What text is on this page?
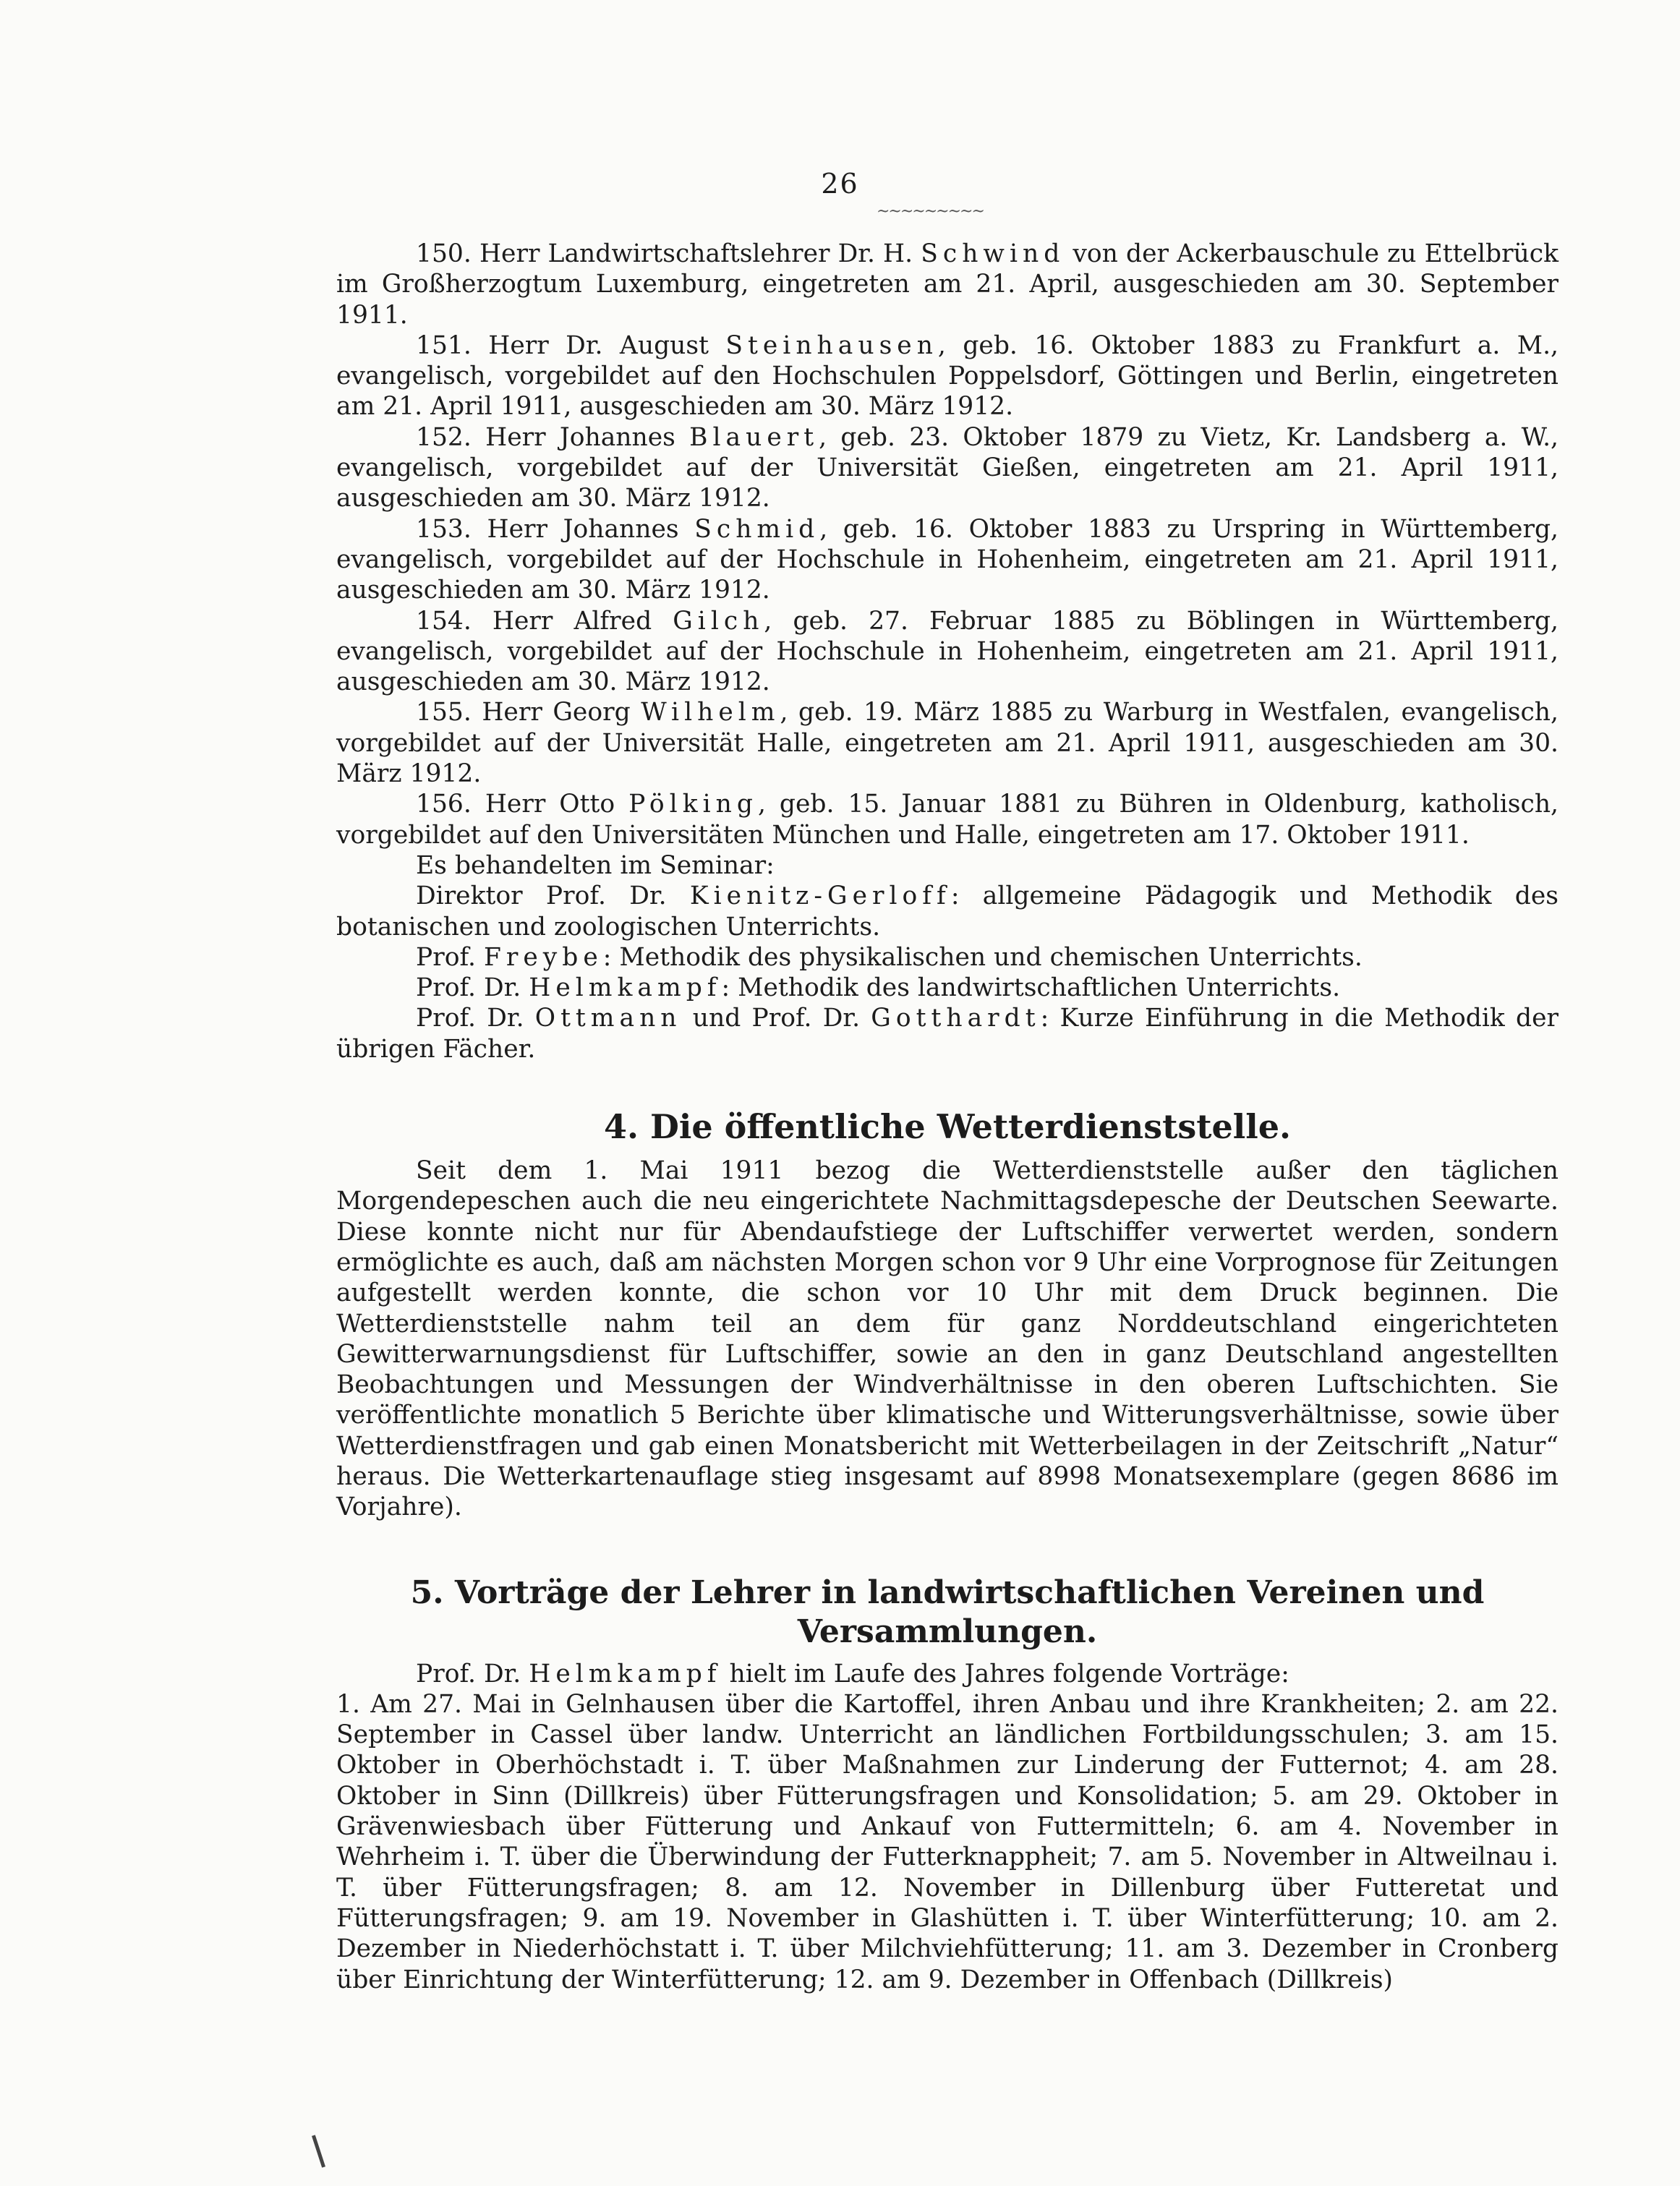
26
~~~~~~~~~

150. Herr Landwirtschaftslehrer Dr. H. Schwind von der Ackerbauschule zu Ettelbrück im Großherzogtum Luxemburg, eingetreten am 21. April, ausgeschieden am 30. September 1911.

151. Herr Dr. August Steinhausen, geb. 16. Oktober 1883 zu Frankfurt a. M., evangelisch, vorgebildet auf den Hochschulen Poppelsdorf, Göttingen und Berlin, eingetreten am 21. April 1911, ausgeschieden am 30. März 1912.

152. Herr Johannes Blauert, geb. 23. Oktober 1879 zu Vietz, Kr. Landsberg a. W., evangelisch, vorgebildet auf der Universität Gießen, eingetreten am 21. April 1911, ausgeschieden am 30. März 1912.

153. Herr Johannes Schmid, geb. 16. Oktober 1883 zu Urspring in Württemberg, evangelisch, vorgebildet auf der Hochschule in Hohenheim, eingetreten am 21. April 1911, ausgeschieden am 30. März 1912.

154. Herr Alfred Gilch, geb. 27. Februar 1885 zu Böblingen in Württemberg, evangelisch, vorgebildet auf der Hochschule in Hohenheim, eingetreten am 21. April 1911, ausgeschieden am 30. März 1912.

155. Herr Georg Wilhelm, geb. 19. März 1885 zu Warburg in Westfalen, evangelisch, vorgebildet auf der Universität Halle, eingetreten am 21. April 1911, ausgeschieden am 30. März 1912.

156. Herr Otto Pölking, geb. 15. Januar 1881 zu Bühren in Oldenburg, katholisch, vorgebildet auf den Universitäten München und Halle, eingetreten am 17. Oktober 1911.

Es behandelten im Seminar:

Direktor Prof. Dr. Kienitz-Gerloff: allgemeine Pädagogik und Methodik des botanischen und zoologischen Unterrichts.

Prof. Freybe: Methodik des physikalischen und chemischen Unterrichts.

Prof. Dr. Helmkampf: Methodik des landwirtschaftlichen Unterrichts.

Prof. Dr. Ottmann und Prof. Dr. Gotthardt: Kurze Einführung in die Methodik der übrigen Fächer.

4. Die öffentliche Wetterdienststelle.

Seit dem 1. Mai 1911 bezog die Wetterdienststelle außer den täglichen Morgendepeschen auch die neu eingerichtete Nachmittagsdepesche der Deutschen Seewarte. Diese konnte nicht nur für Abendaufstiege der Luftschiffer verwertet werden, sondern ermöglichte es auch, daß am nächsten Morgen schon vor 9 Uhr eine Vorprognose für Zeitungen aufgestellt werden konnte, die schon vor 10 Uhr mit dem Druck beginnen. Die Wetterdienststelle nahm teil an dem für ganz Norddeutschland eingerichteten Gewitterwarnungsdienst für Luftschiffer, sowie an den in ganz Deutschland angestellten Beobachtungen und Messungen der Windverhältnisse in den oberen Luftschichten. Sie veröffentlichte monatlich 5 Berichte über klimatische und Witterungsverhältnisse, sowie über Wetterdienstfragen und gab einen Monatsbericht mit Wetterbeilagen in der Zeitschrift „Natur“ heraus. Die Wetterkartenauflage stieg insgesamt auf 8998 Monatsexemplare (gegen 8686 im Vorjahre).

5. Vorträge der Lehrer in landwirtschaftlichen Vereinen und Versammlungen.

Prof. Dr. Helmkampf hielt im Laufe des Jahres folgende Vorträge:

1. Am 27. Mai in Gelnhausen über die Kartoffel, ihren Anbau und ihre Krankheiten; 2. am 22. September in Cassel über landw. Unterricht an ländlichen Fortbildungsschulen; 3. am 15. Oktober in Oberhöchstadt i. T. über Maßnahmen zur Linderung der Futternot; 4. am 28. Oktober in Sinn (Dillkreis) über Fütterungsfragen und Konsolidation; 5. am 29. Oktober in Grävenwiesbach über Fütterung und Ankauf von Futtermitteln; 6. am 4. November in Wehrheim i. T. über die Überwindung der Futterknappheit; 7. am 5. November in Altweilnau i. T. über Fütterungsfragen; 8. am 12. November in Dillenburg über Futteretat und Fütterungsfragen; 9. am 19. November in Glashütten i. T. über Winterfütterung; 10. am 2. Dezember in Niederhöchstatt i. T. über Milchviehfütterung; 11. am 3. Dezember in Cronberg über Einrichtung der Winterfütterung; 12. am 9. Dezember in Offenbach (Dillkreis)
